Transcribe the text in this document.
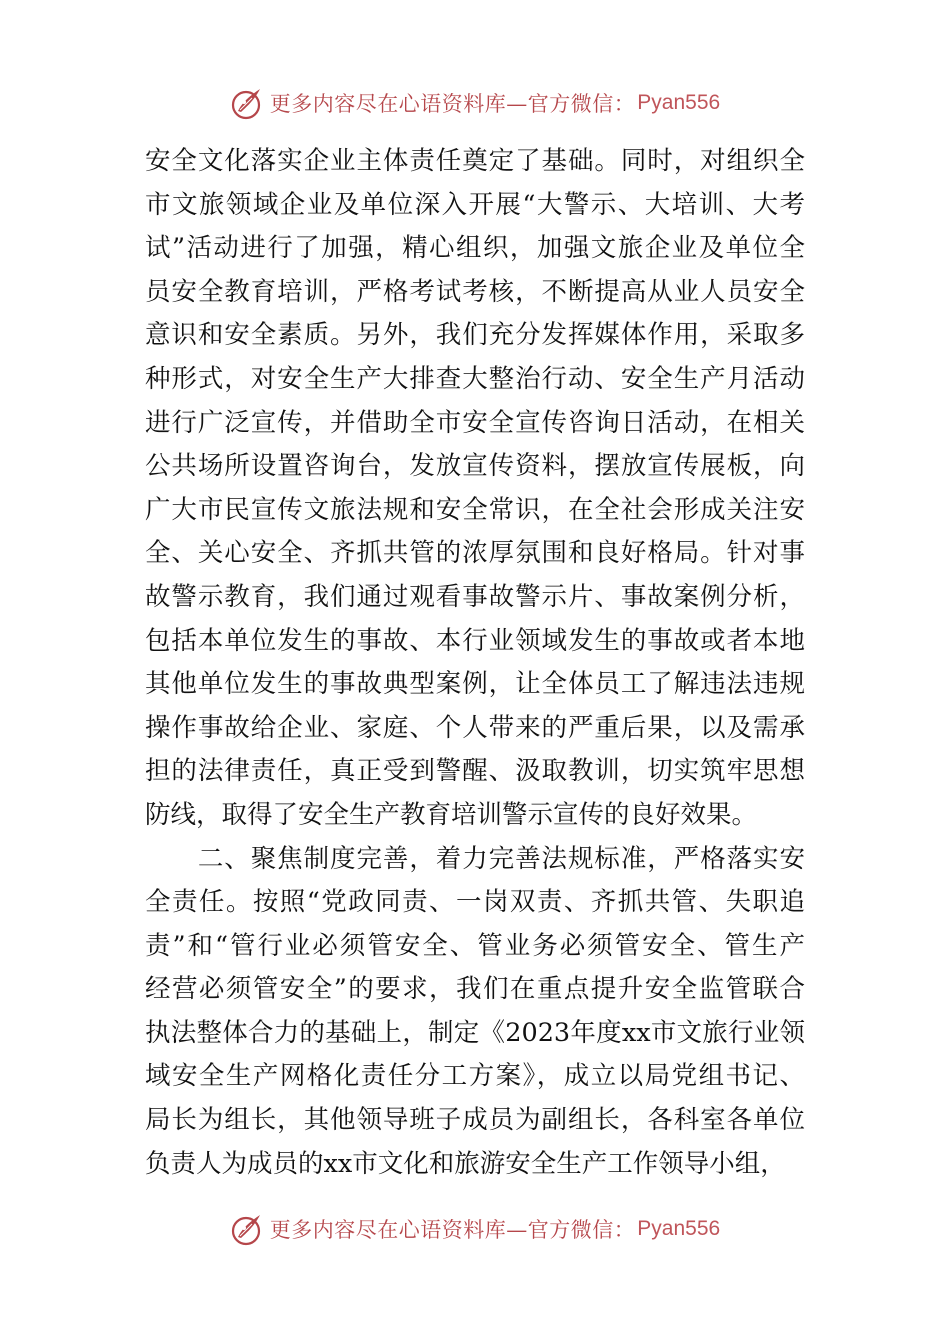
更多内容尽在心语资料库—官方微信： Pyan556
安全文化落实企业主体责任奠定了基础。同时，对组织全
市文旅领域企业及单位深入开展“大警示、大培训、大考
试”活动进行了加强，精心组织，加强文旅企业及单位全
员安全教育培训，严格考试考核，不断提高从业人员安全
意识和安全素质。另外，我们充分发挥媒体作用，采取多
种形式，对安全生产大排查大整治行动、安全生产月活动
进行广泛宣传，并借助全市安全宣传咨询日活动，在相关
公共场所设置咨询台，发放宣传资料，摆放宣传展板，向
广大市民宣传文旅法规和安全常识，在全社会形成关注安
全、关心安全、齐抓共管的浓厚氛围和良好格局。针对事
故警示教育，我们通过观看事故警示片、事故案例分析，
包括本单位发生的事故、本行业领域发生的事故或者本地
其他单位发生的事故典型案例，让全体员工了解违法违规
操作事故给企业、家庭、个人带来的严重后果，以及需承
担的法律责任，真正受到警醒、汲取教训，切实筑牢思想
防线，取得了安全生产教育培训警示宣传的良好效果。
　　二、聚焦制度完善，着力完善法规标准，严格落实安
全责任。按照“党政同责、一岗双责、齐抓共管、失职追
责”和“管行业必须管安全、管业务必须管安全、管生产
经营必须管安全”的要求，我们在重点提升安全监管联合
执法整体合力的基础上，制定《2023年度xx市文旅行业领
域安全生产网格化责任分工方案》，成立以局党组书记、
局长为组长，其他领导班子成员为副组长，各科室各单位
负责人为成员的xx市文化和旅游安全生产工作领导小组，
更多内容尽在心语资料库—官方微信： Pyan556
